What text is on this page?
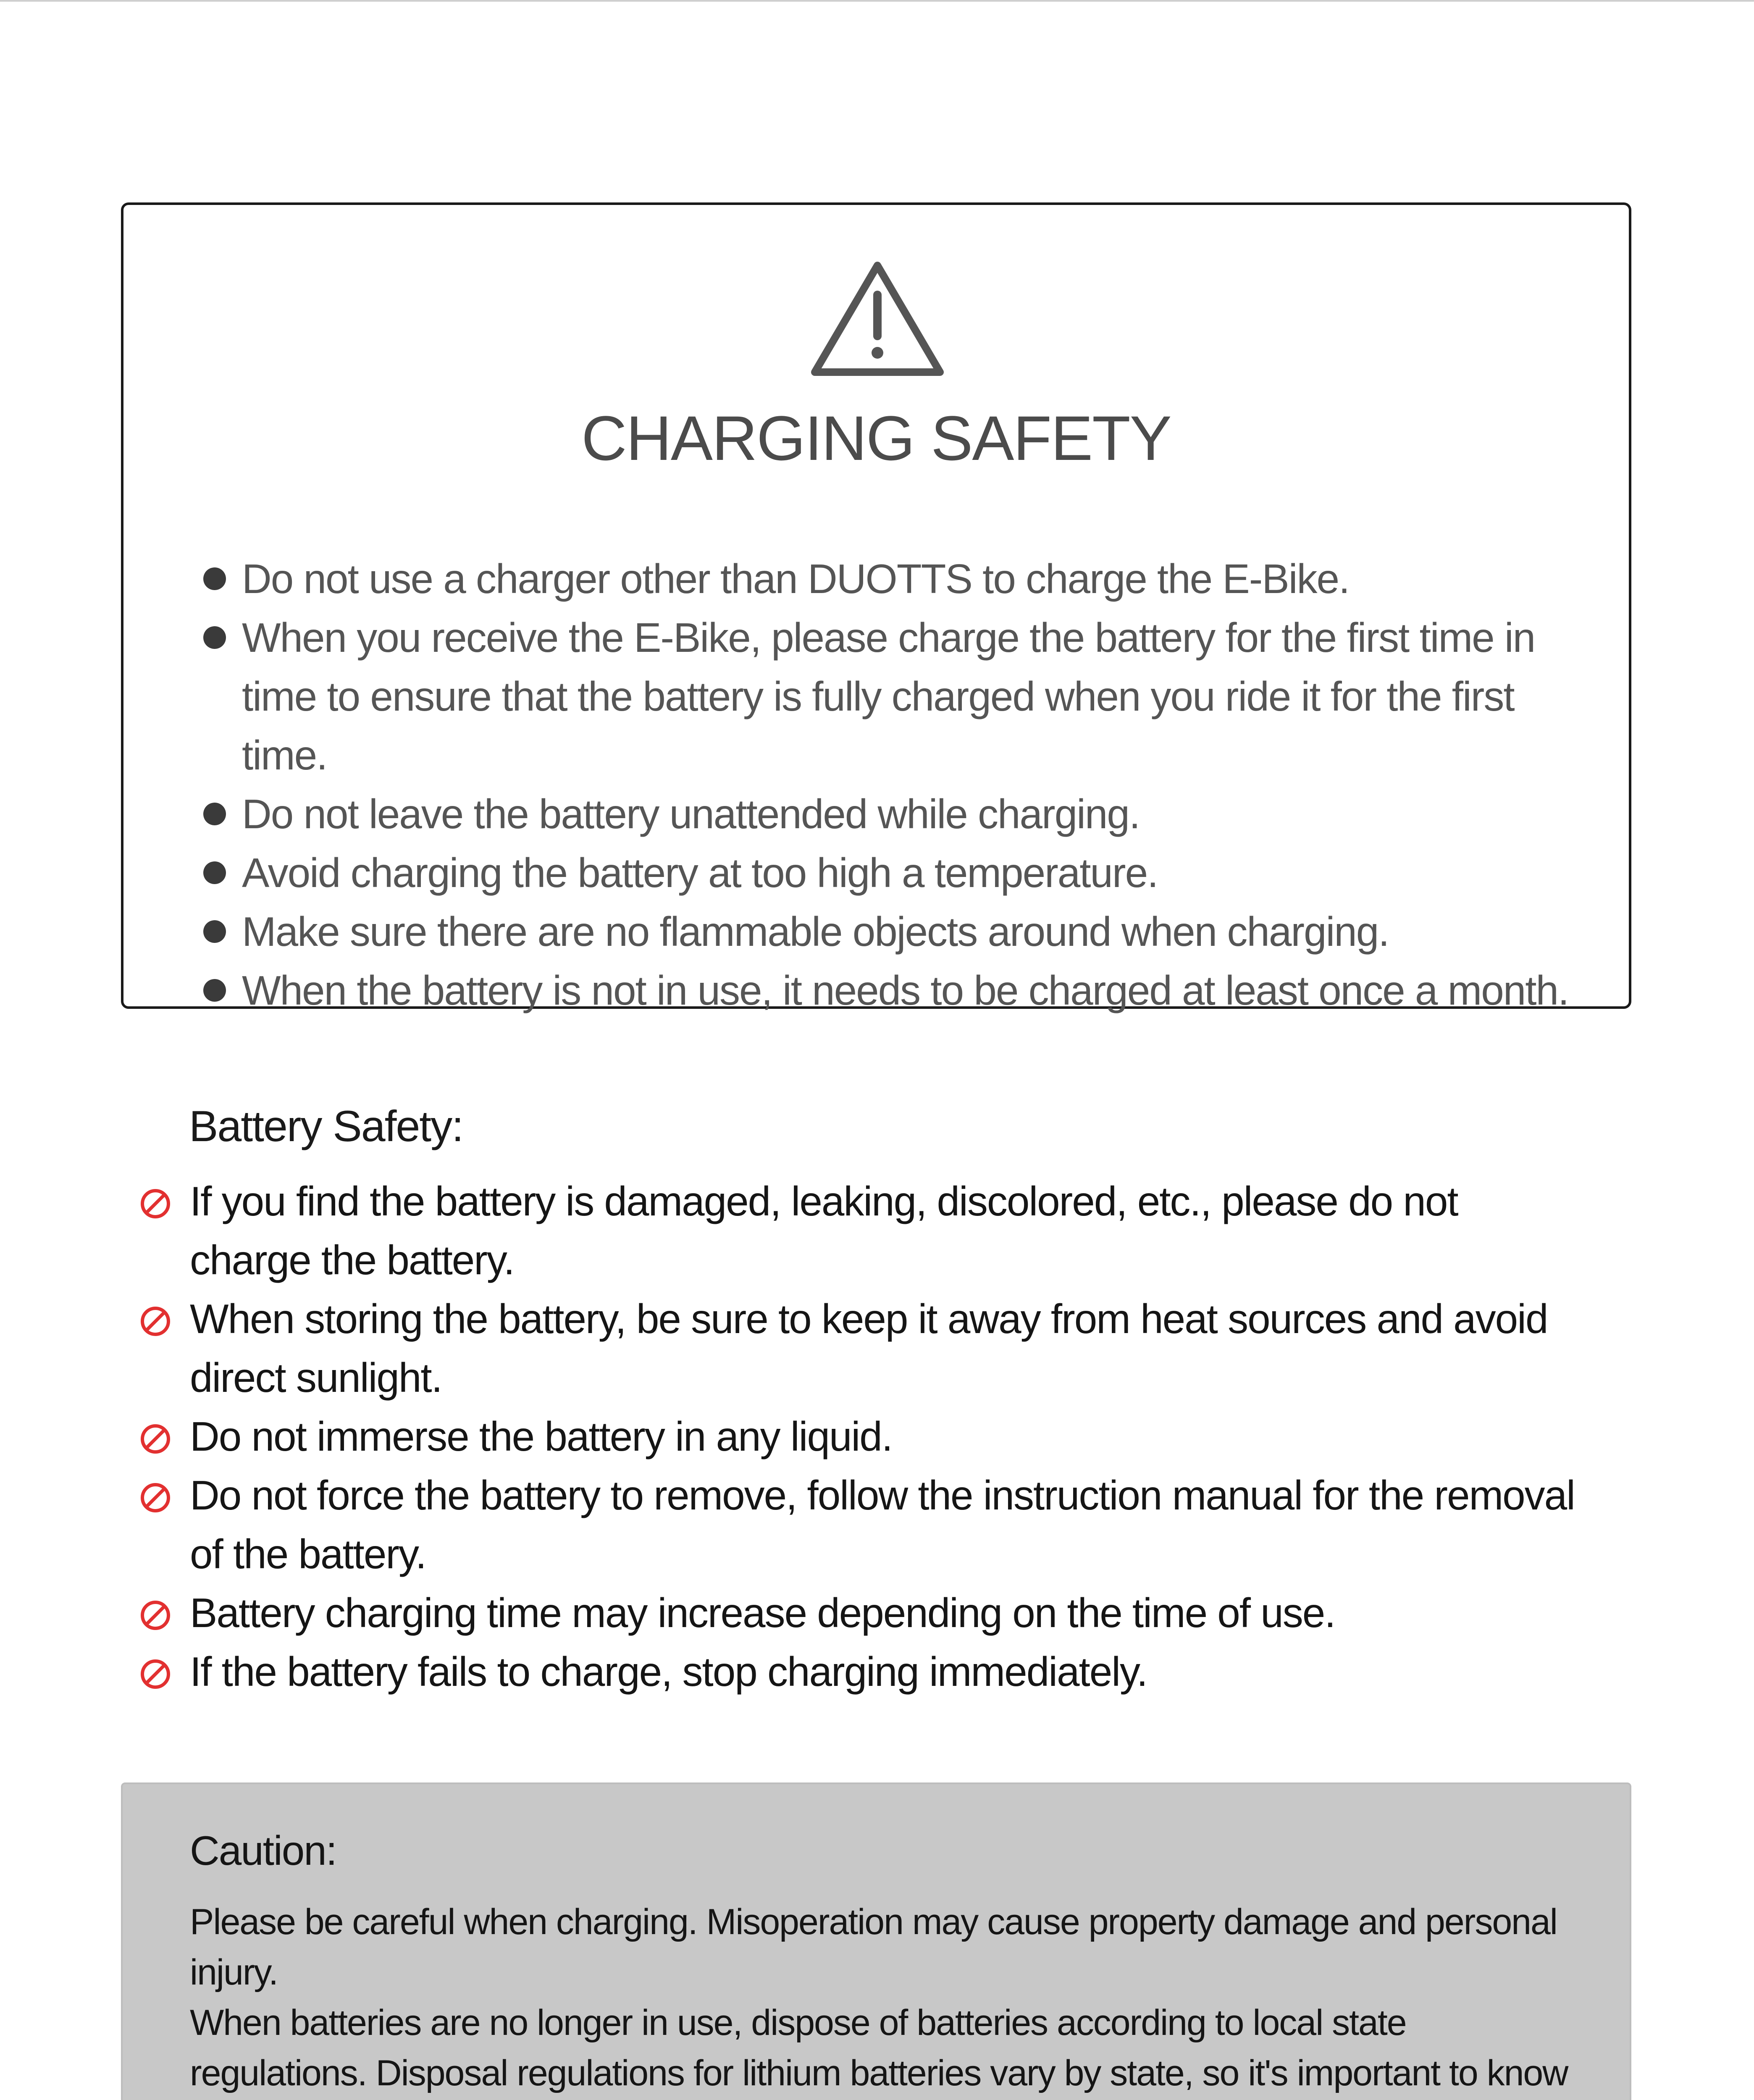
CHARGING SAFETY
Do not use a charger other than DUOTTS to charge the E-Bike.
When you receive the E-Bike, please charge the battery for the first time in time to ensure that the battery is fully charged when you ride it for the first time.
Do not leave the battery unattended while charging.
Avoid charging the battery at too high a temperature.
Make sure there are no flammable objects around when charging.
When the battery is not in use, it needs to be charged at least once a month.
Battery Safety:
If you find the battery is damaged, leaking, discolored, etc., please do not charge the battery.
When storing the battery, be sure to keep it away from heat sources and avoid direct sunlight.
Do not immerse the battery in any liquid.
Do not force the battery to remove, follow the instruction manual for the removal of the battery.
Battery charging time may increase depending on the time of use.
If the battery fails to charge, stop charging immediately.
Caution:

Please be careful when charging. Misoperation may cause property damage and personal injury.

When batteries are no longer in use, dispose of batteries according to local state regulations. Disposal regulations for lithium batteries vary by state, so it's important to know
